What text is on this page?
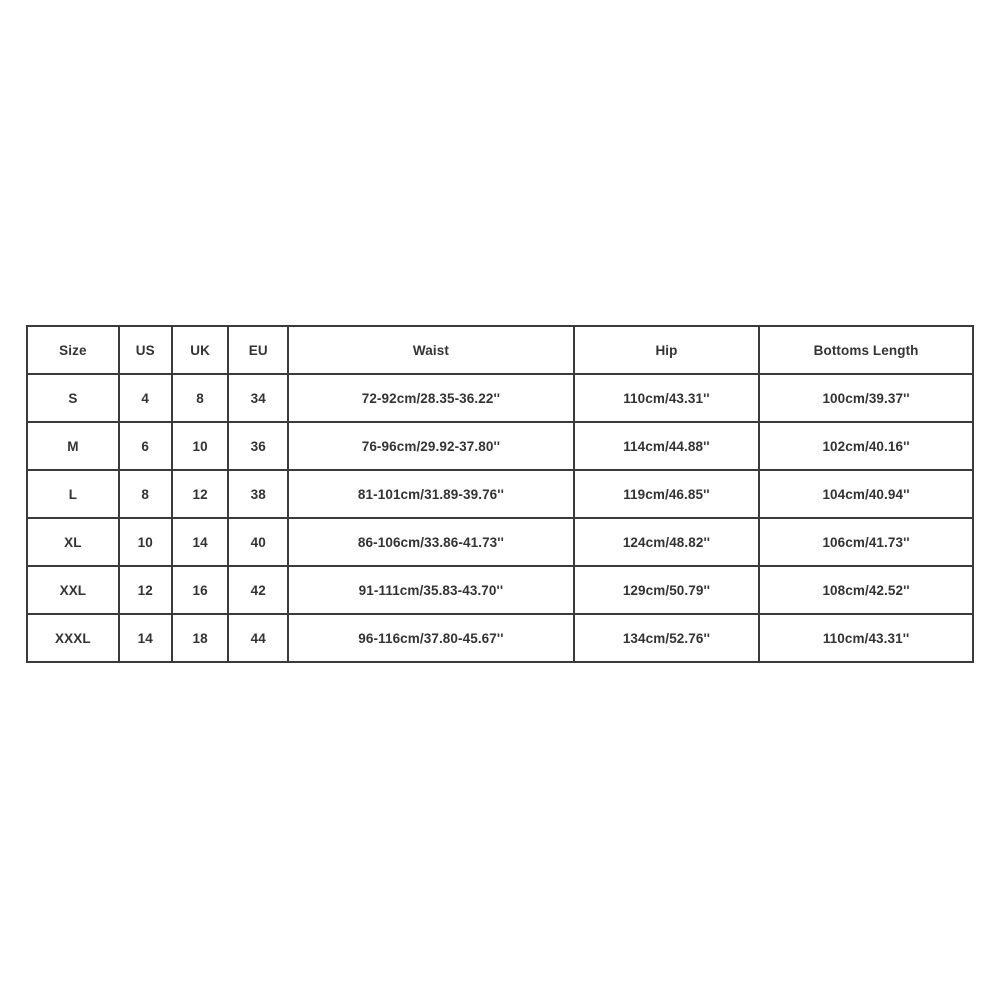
Size	US	UK	EU	Waist	Hip	Bottoms Length
S	4	8	34	72-92cm/28.35-36.22''	110cm/43.31''	100cm/39.37''
M	6	10	36	76-96cm/29.92-37.80''	114cm/44.88''	102cm/40.16''
L	8	12	38	81-101cm/31.89-39.76''	119cm/46.85''	104cm/40.94''
XL	10	14	40	86-106cm/33.86-41.73''	124cm/48.82''	106cm/41.73''
XXL	12	16	42	91-111cm/35.83-43.70''	129cm/50.79''	108cm/42.52''
XXXL	14	18	44	96-116cm/37.80-45.67''	134cm/52.76''	110cm/43.31''
